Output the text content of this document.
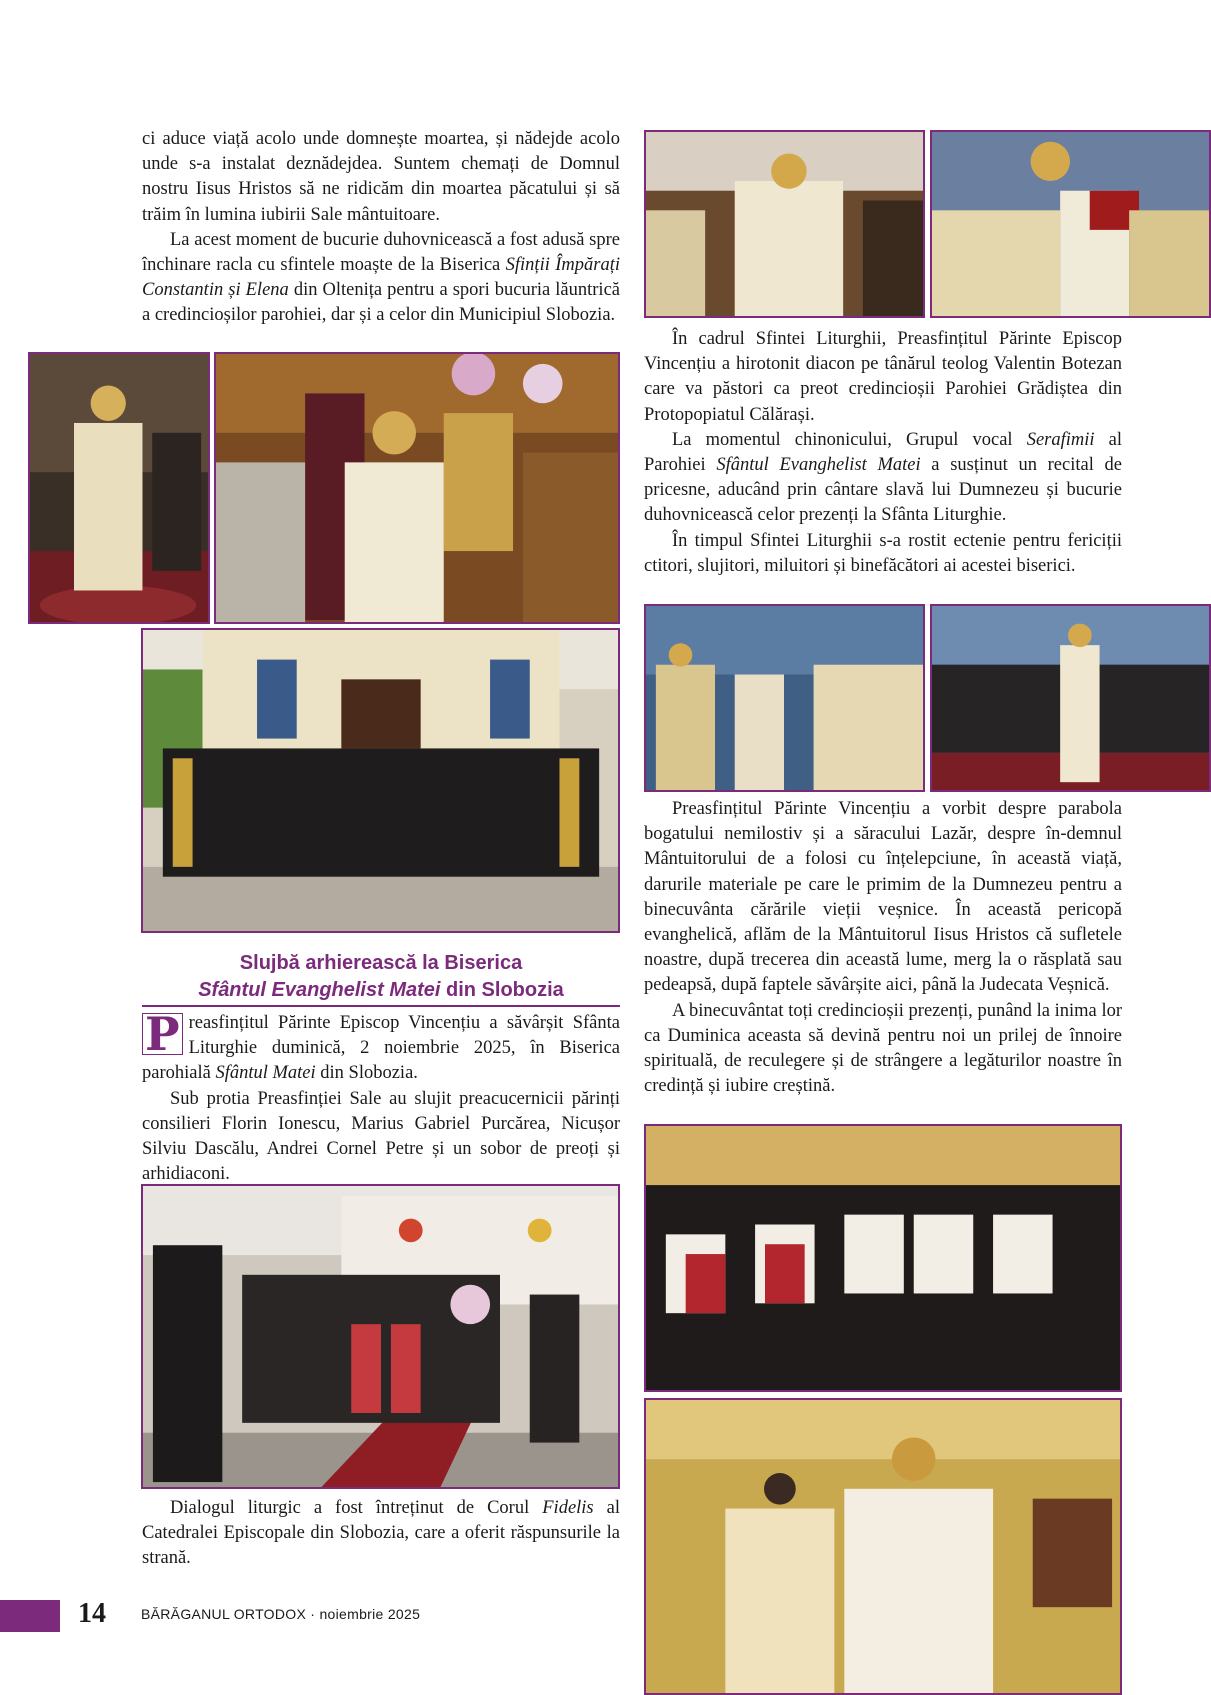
ci aduce viață acolo unde domnește moartea, și nădejde acolo unde s-a instalat deznădejdea. Suntem chemați de Domnul nostru Iisus Hristos să ne ridicăm din moartea păcatului și să trăim în lumina iubirii Sale mântuitoare.

La acest moment de bucurie duhovnicească a fost adusă spre închinare racla cu sfintele moaște de la Biserica Sfinții Împărați Constantin și Elena din Oltenița pentru a spori bucuria lăuntrică a credincioșilor parohiei, dar și a celor din Municipiul Slobozia.

Slujbă arhierească la Biserica
Sfântul Evanghelist Matei din Slobozia

P reasfințitul Părinte Episcop Vincențiu a săvârșit Sfânta Liturghie duminică, 2 noiembrie 2025, în Biserica parohială Sfântul Matei din Slobozia.

Sub protia Preasfinției Sale au slujit preacucernicii părinți consilieri Florin Ionescu, Marius Gabriel Purcărea, Nicușor Silviu Dascălu, Andrei Cornel Petre și un sobor de preoți și arhidiaconi.

Dialogul liturgic a fost întreținut de Corul Fidelis al Catedralei Episcopale din Slobozia, care a oferit răspunsurile la strană.

În cadrul Sfintei Liturghii, Preasfințitul Părinte Episcop Vincențiu a hirotonit diacon pe tânărul teolog Valentin Botezan care va păstori ca preot credincioșii Parohiei Grădiștea din Protopopiatul Călărași.

La momentul chinonicului, Grupul vocal Serafimii al Parohiei Sfântul Evanghelist Matei a susținut un recital de pricesne, aducând prin cântare slavă lui Dumnezeu și bucurie duhovnicească celor prezenți la Sfânta Liturghie.

În timpul Sfintei Liturghii s-a rostit ectenie pentru fericiții ctitori, slujitori, miluitori și binefăcători ai acestei biserici.

Preasfințitul Părinte Vincențiu a vorbit despre parabola bogatului nemilostiv și a săracului Lazăr, despre în-demnul Mântuitorului de a folosi cu înțelepciune, în această viață, darurile materiale pe care le primim de la Dumnezeu pentru a binecuvânta cărările vieții veșnice. În această pericopă evanghelică, aflăm de la Mântuitorul Iisus Hristos că sufletele noastre, după trecerea din această lume, merg la o răsplată sau pedeapsă, după faptele săvârșite aici, până la Judecata Veșnică.

A binecuvântat toți credincioșii prezenți, punând la inima lor ca Duminica aceasta să devină pentru noi un prilej de înnoire spirituală, de reculegere și de strângere a legăturilor noastre în credință și iubire creștină.

14	BĂRĂGANUL ORTODOX · noiembrie 2025
